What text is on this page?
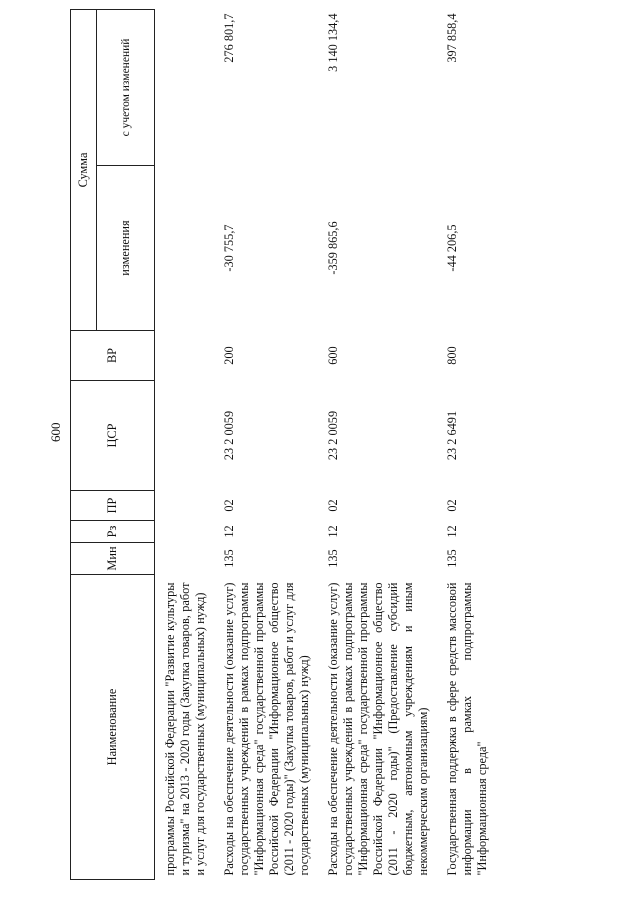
600
Наименование	Мин	Рз	ПР	ЦСР	ВР	Сумма	
						изменения	с учетом изменений
программы Российской Федерации "Развитие культуры и туризма" на 2013 - 2020 годы (Закупка товаров, работ и услуг для государственных (муниципальных) нужд)							
Расходы на обеспечение деятельности (оказание услуг) государственных учреждений в рамках подпрограммы "Информационная среда" государственной программы Российской Федерации "Информационное общество (2011 - 2020 годы)" (Закупка товаров, работ и услуг для государственных (муниципальных) нужд)	135	12	02	23 2 0059	200	-30 755,7	276 801,7
Расходы на обеспечение деятельности (оказание услуг) государственных учреждений в рамках подпрограммы "Информационная среда" государственной программы Российской Федерации "Информационное общество (2011 - 2020 годы)" (Предоставление субсидий бюджетным, автономным учреждениям и иным некоммерческим организациям)	135	12	02	23 2 0059	600	-359 865,6	3 140 134,4
Государственная поддержка в сфере средств массовой информации в рамках подпрограммы "Информационная среда"	135	12	02	23 2 6491	800	-44 206,5	397 858,4
